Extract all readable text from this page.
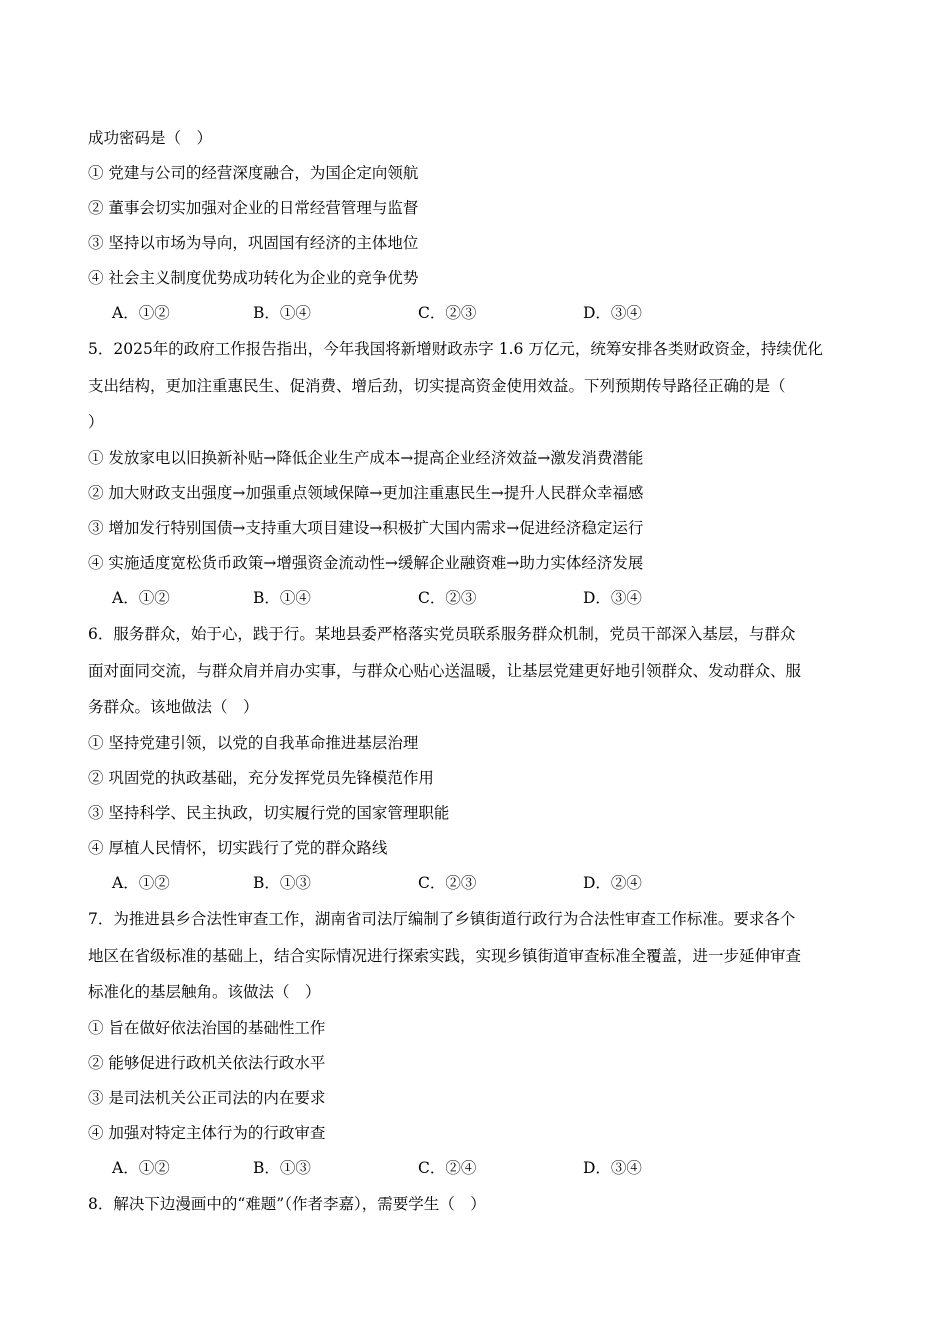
成功密码是（　）
① 党建与公司的经营深度融合，为国企定向领航
② 董事会切实加强对企业的日常经营管理与监督
③ 坚持以市场为导向，巩固国有经济的主体地位
④ 社会主义制度优势成功转化为企业的竞争优势
A．①②	B．①④	C．②③	D．③④
5．2025年的政府工作报告指出，今年我国将新增财政赤字 1.6 万亿元，统筹安排各类财政资金，持续优化
支出结构，更加注重惠民生、促消费、增后劲，切实提高资金使用效益。下列预期传导路径正确的是（
）
① 发放家电以旧换新补贴→降低企业生产成本→提高企业经济效益→激发消费潜能
② 加大财政支出强度→加强重点领域保障→更加注重惠民生→提升人民群众幸福感
③ 增加发行特别国债→支持重大项目建设→积极扩大国内需求→促进经济稳定运行
④ 实施适度宽松货币政策→增强资金流动性→缓解企业融资难→助力实体经济发展
A．①②	B．①④	C．②③	D．③④
6．服务群众，始于心，践于行。某地县委严格落实党员联系服务群众机制，党员干部深入基层，与群众
面对面同交流，与群众肩并肩办实事，与群众心贴心送温暖，让基层党建更好地引领群众、发动群众、服
务群众。该地做法（　）
① 坚持党建引领，以党的自我革命推进基层治理
② 巩固党的执政基础，充分发挥党员先锋模范作用
③ 坚持科学、民主执政，切实履行党的国家管理职能
④ 厚植人民情怀，切实践行了党的群众路线
A．①②	B．①③	C．②③	D．②④
7．为推进县乡合法性审查工作，湖南省司法厅编制了乡镇街道行政行为合法性审查工作标准。要求各个
地区在省级标准的基础上，结合实际情况进行探索实践，实现乡镇街道审查标准全覆盖，进一步延伸审查
标准化的基层触角。该做法（　）
① 旨在做好依法治国的基础性工作
② 能够促进行政机关依法行政水平
③ 是司法机关公正司法的内在要求
④ 加强对特定主体行为的行政审查
A．①②	B．①③	C．②④	D．③④
8．解决下边漫画中的“难题”（作者李嘉），需要学生（　）
